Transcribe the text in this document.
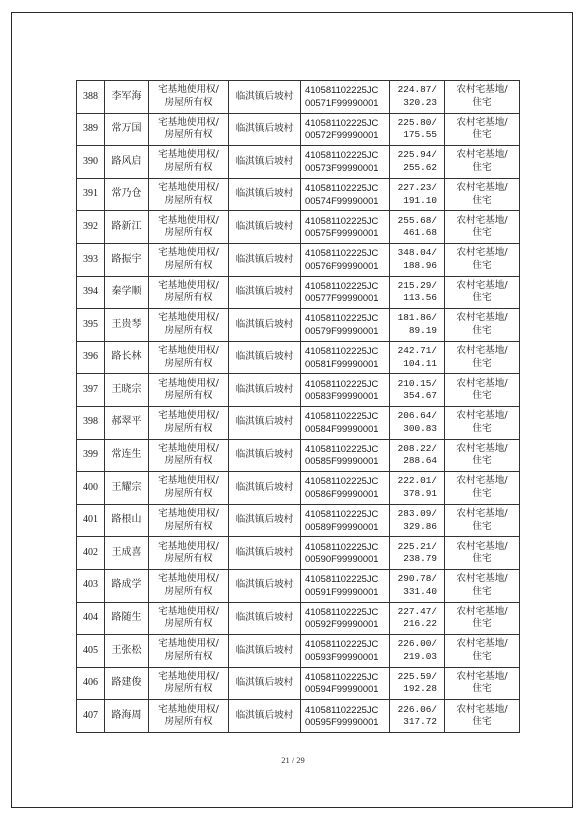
388	李军海	宅基地使用权/
房屋所有权	临淇镇后坡村	410581102225JC
00571F99990001	224.87/
320.23	农村宅基地/
住宅
389	常万国	宅基地使用权/
房屋所有权	临淇镇后坡村	410581102225JC
00572F99990001	225.80/
175.55	农村宅基地/
住宅
390	路风启	宅基地使用权/
房屋所有权	临淇镇后坡村	410581102225JC
00573F99990001	225.94/
255.62	农村宅基地/
住宅
391	常乃仓	宅基地使用权/
房屋所有权	临淇镇后坡村	410581102225JC
00574F99990001	227.23/
191.10	农村宅基地/
住宅
392	路新江	宅基地使用权/
房屋所有权	临淇镇后坡村	410581102225JC
00575F99990001	255.68/
461.68	农村宅基地/
住宅
393	路振宇	宅基地使用权/
房屋所有权	临淇镇后坡村	410581102225JC
00576F99990001	348.04/
188.96	农村宅基地/
住宅
394	秦学顺	宅基地使用权/
房屋所有权	临淇镇后坡村	410581102225JC
00577F99990001	215.29/
113.56	农村宅基地/
住宅
395	王贵琴	宅基地使用权/
房屋所有权	临淇镇后坡村	410581102225JC
00579F99990001	181.86/
89.19	农村宅基地/
住宅
396	路长林	宅基地使用权/
房屋所有权	临淇镇后坡村	410581102225JC
00581F99990001	242.71/
104.11	农村宅基地/
住宅
397	王晓宗	宅基地使用权/
房屋所有权	临淇镇后坡村	410581102225JC
00583F99990001	210.15/
354.67	农村宅基地/
住宅
398	郝翠平	宅基地使用权/
房屋所有权	临淇镇后坡村	410581102225JC
00584F99990001	206.64/
300.83	农村宅基地/
住宅
399	常连生	宅基地使用权/
房屋所有权	临淇镇后坡村	410581102225JC
00585F99990001	208.22/
288.64	农村宅基地/
住宅
400	王耀宗	宅基地使用权/
房屋所有权	临淇镇后坡村	410581102225JC
00586F99990001	222.01/
378.91	农村宅基地/
住宅
401	路根山	宅基地使用权/
房屋所有权	临淇镇后坡村	410581102225JC
00589F99990001	283.09/
329.86	农村宅基地/
住宅
402	王成喜	宅基地使用权/
房屋所有权	临淇镇后坡村	410581102225JC
00590F99990001	225.21/
238.79	农村宅基地/
住宅
403	路成学	宅基地使用权/
房屋所有权	临淇镇后坡村	410581102225JC
00591F99990001	290.78/
331.40	农村宅基地/
住宅
404	路随生	宅基地使用权/
房屋所有权	临淇镇后坡村	410581102225JC
00592F99990001	227.47/
216.22	农村宅基地/
住宅
405	王张松	宅基地使用权/
房屋所有权	临淇镇后坡村	410581102225JC
00593F99990001	226.00/
219.03	农村宅基地/
住宅
406	路建俊	宅基地使用权/
房屋所有权	临淇镇后坡村	410581102225JC
00594F99990001	225.59/
192.28	农村宅基地/
住宅
407	路海周	宅基地使用权/
房屋所有权	临淇镇后坡村	410581102225JC
00595F99990001	226.06/
317.72	农村宅基地/
住宅
21 / 29
